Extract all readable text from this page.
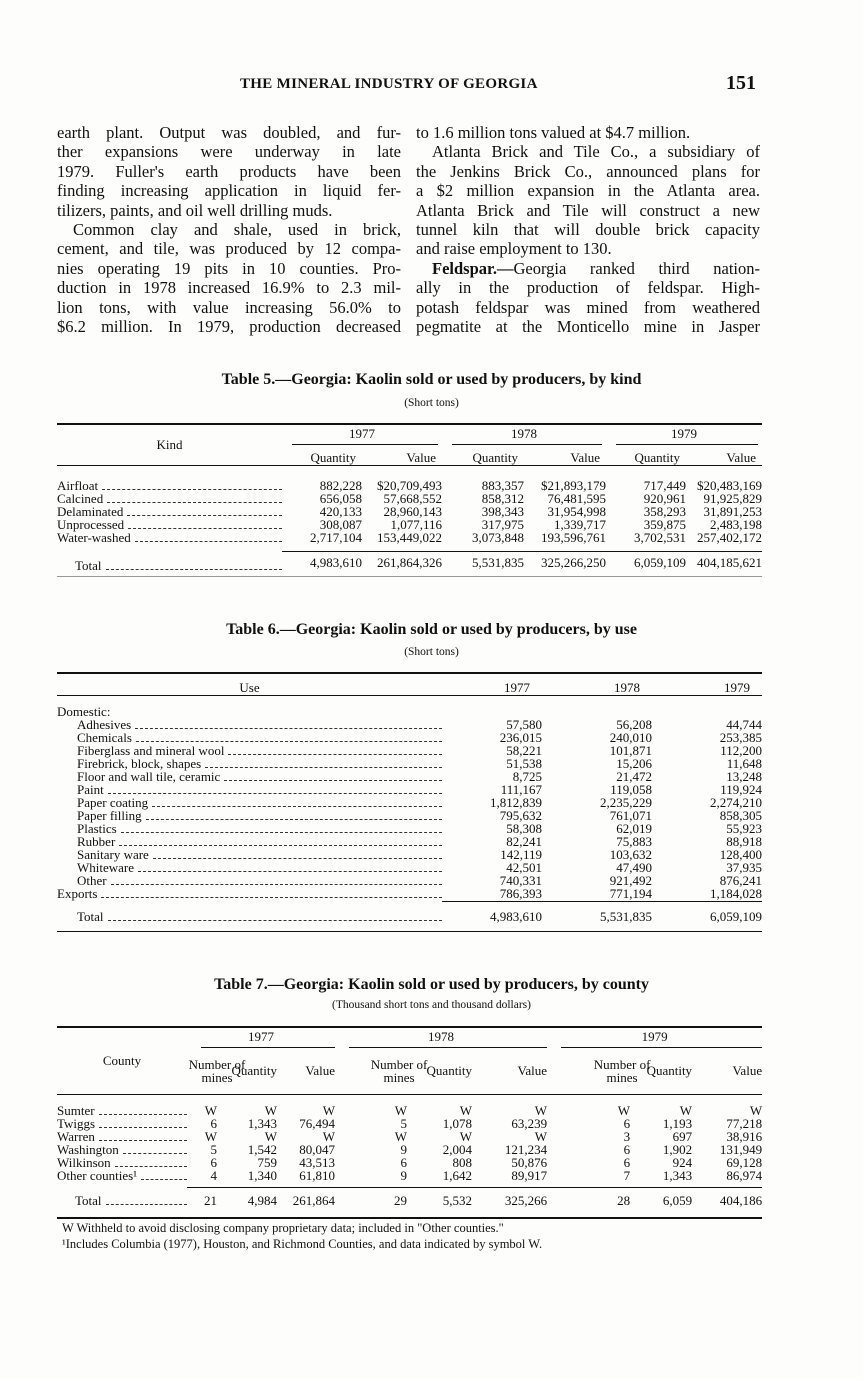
THE MINERAL INDUSTRY OF GEORGIA	151
earth plant. Output was doubled, and fur-
ther expansions were underway in late
1979. Fuller's earth products have been
finding increasing application in liquid fer-
tilizers, paints, and oil well drilling muds.
Common clay and shale, used in brick,
cement, and tile, was produced by 12 compa-
nies operating 19 pits in 10 counties. Pro-
duction in 1978 increased 16.9% to 2.3 mil-
lion tons, with value increasing 56.0% to
$6.2 million. In 1979, production decreased
to 1.6 million tons valued at $4.7 million.
Atlanta Brick and Tile Co., a subsidiary of
the Jenkins Brick Co., announced plans for
a $2 million expansion in the Atlanta area.
Atlanta Brick and Tile will construct a new
tunnel kiln that will double brick capacity
and raise employment to 130.
Feldspar.—Georgia ranked third nation-
ally in the production of feldspar. High-
potash feldspar was mined from weathered
pegmatite at the Monticello mine in Jasper
Table 5.—Georgia: Kaolin sold or used by producers, by kind
(Short tons)
Kind	1977		1978		1979	

	Quantity	Value	Quantity	Value	Quantity	Value

Airfloat	882,228	$20,709,493	883,357	$21,893,179	717,449	$20,483,169

Calcined	656,058	57,668,552	858,312	76,481,595	920,961	91,925,829

Delaminated	420,133	28,960,143	398,343	31,954,998	358,293	31,891,253

Unprocessed	308,087	1,077,116	317,975	1,339,717	359,875	2,483,198

Water-washed	2,717,104	153,449,022	3,073,848	193,596,761	3,702,531	257,402,172

Total	4,983,610	261,864,326	5,531,835	325,266,250	6,059,109	404,185,621
Table 6.—Georgia: Kaolin sold or used by producers, by use
(Short tons)
Use	1977	1978	1979

Domestic:			

Adhesives	57,580	56,208	44,744

Chemicals	236,015	240,010	253,385

Fiberglass and mineral wool	58,221	101,871	112,200

Firebrick, block, shapes	51,538	15,206	11,648

Floor and wall tile, ceramic	8,725	21,472	13,248

Paint	111,167	119,058	119,924

Paper coating	1,812,839	2,235,229	2,274,210

Paper filling	795,632	761,071	858,305

Plastics	58,308	62,019	55,923

Rubber	82,241	75,883	88,918

Sanitary ware	142,119	103,632	128,400

Whiteware	42,501	47,490	37,935

Other	740,331	921,492	876,241

Exports	786,393	771,194	1,184,028

Total	4,983,610	5,531,835	6,059,109
Table 7.—Georgia: Kaolin sold or used by producers, by county
(Thousand short tons and thousand dollars)
County	1977			1978			1979		

	Number of mines	Quantity	Value	Number of mines	Quantity	Value	Number of mines	Quantity	Value

Sumter	W	W	W	W	W	W	W	W	W

Twiggs	6	1,343	76,494	5	1,078	63,239	6	1,193	77,218

Warren	W	W	W	W	W	W	3	697	38,916

Washington	5	1,542	80,047	9	2,004	121,234	6	1,902	131,949

Wilkinson	6	759	43,513	6	808	50,876	6	924	69,128

Other counties¹	4	1,340	61,810	9	1,642	89,917	7	1,343	86,974

Total	21	4,984	261,864	29	5,532	325,266	28	6,059	404,186
W Withheld to avoid disclosing company proprietary data; included in "Other counties."
¹Includes Columbia (1977), Houston, and Richmond Counties, and data indicated by symbol W.
